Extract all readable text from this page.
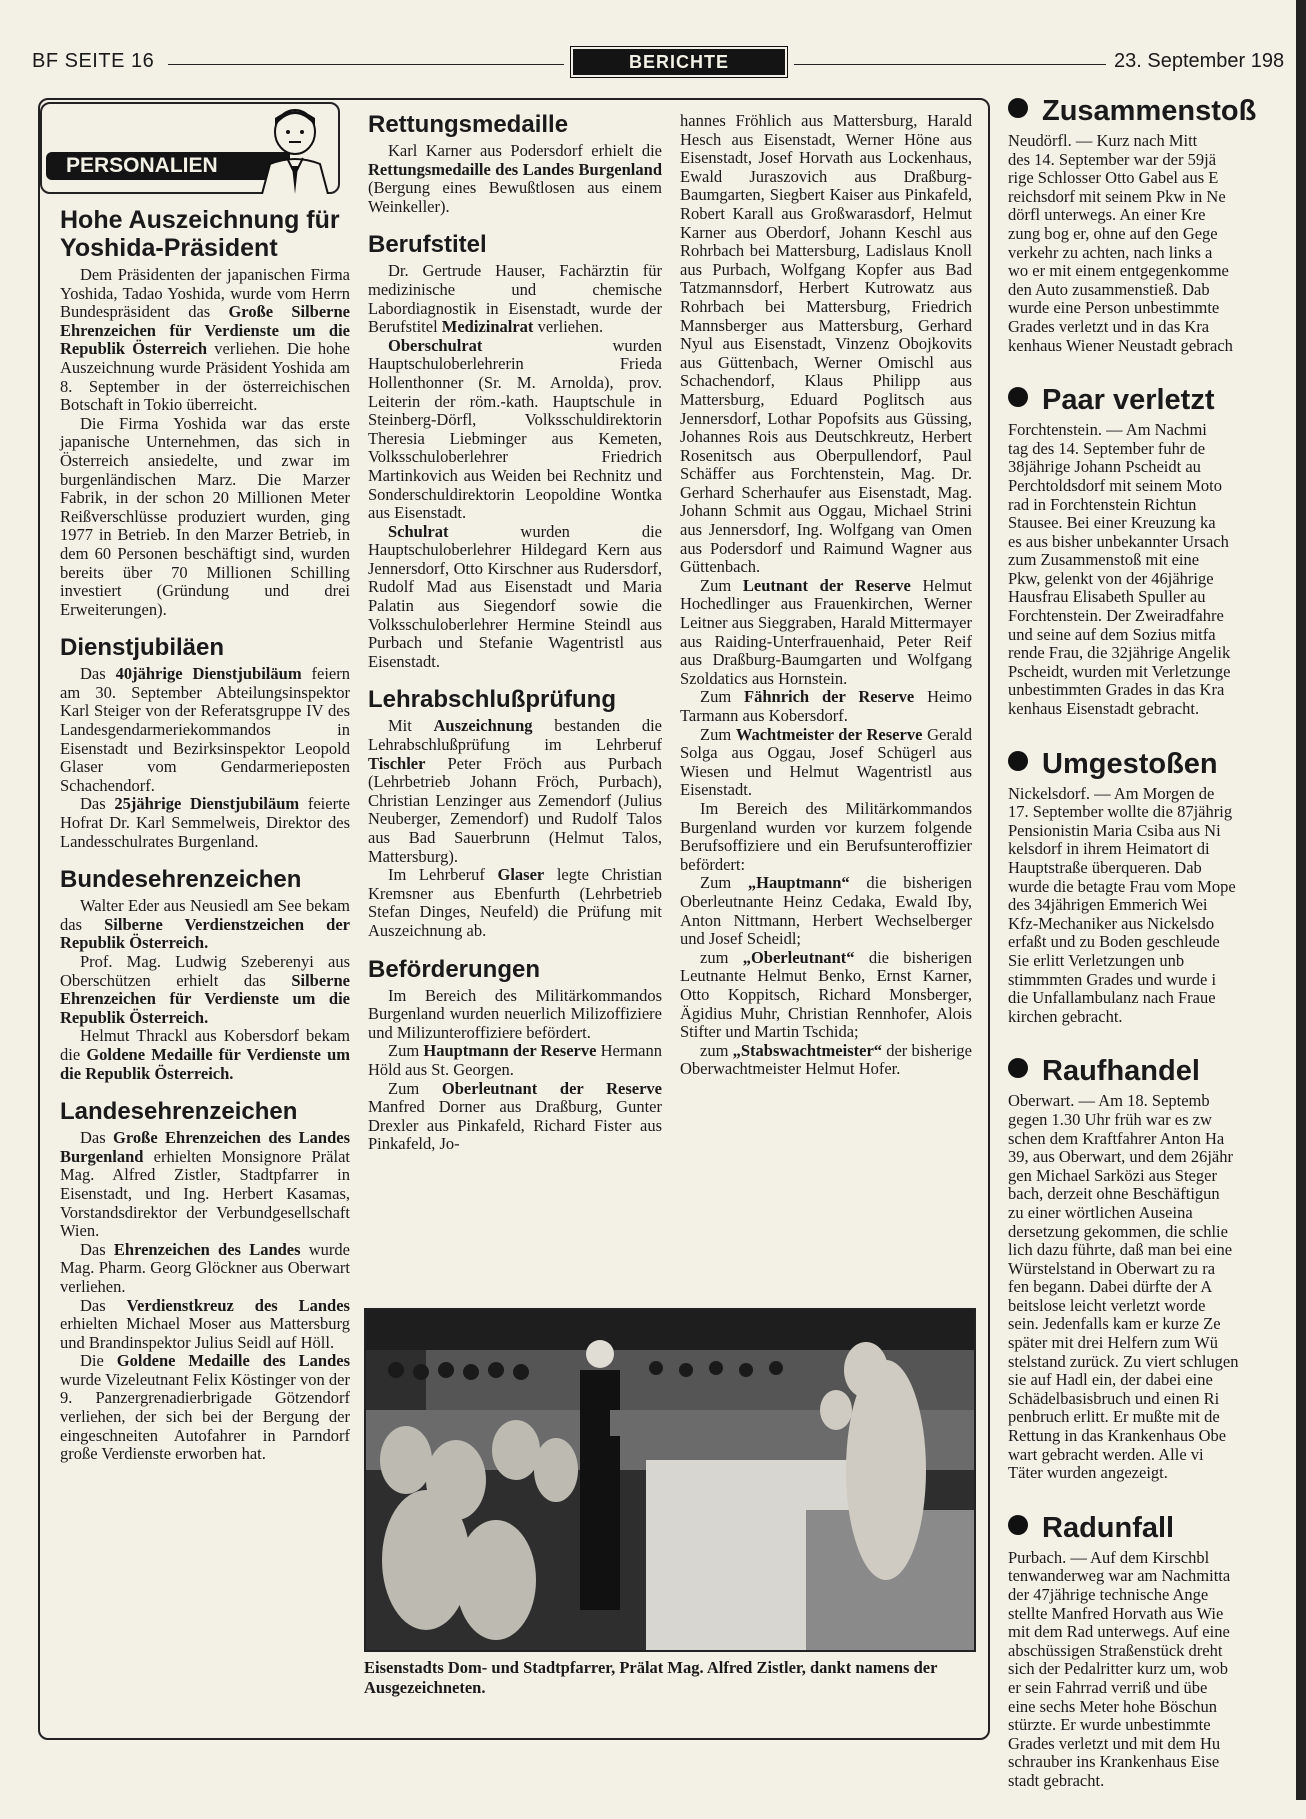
BF SEITE 16	BERICHTE	23. September 198
PERSONALIEN
Hohe Auszeichnung für Yoshida-Präsident

Dem Präsidenten der japanischen Firma Yoshida, Tadao Yoshida, wurde vom Herrn Bundespräsident das Große Silberne Ehrenzeichen für Verdienste um die Republik Österreich verliehen. Die hohe Auszeichnung wurde Präsident Yoshida am 8. September in der österreichischen Botschaft in Tokio überreicht.

Die Firma Yoshida war das erste japanische Unternehmen, das sich in Österreich ansiedelte, und zwar im burgenländischen Marz. Die Marzer Fabrik, in der schon 20 Millionen Meter Reißverschlüsse produziert wurden, ging 1977 in Betrieb. In den Marzer Betrieb, in dem 60 Personen beschäftigt sind, wurden bereits über 70 Millionen Schilling investiert (Gründung und drei Erweiterungen).

Dienstjubiläen

Das 40jährige Dienstjubiläum feiern am 30. September Abteilungsinspektor Karl Steiger von der Referatsgruppe IV des Landesgendarmeriekommandos in Eisenstadt und Bezirksinspektor Leopold Glaser vom Gendarmerieposten Schachendorf.

Das 25jährige Dienstjubiläum feierte Hofrat Dr. Karl Semmelweis, Direktor des Landesschulrates Burgenland.

Bundesehrenzeichen

Walter Eder aus Neusiedl am See bekam das Silberne Verdienstzeichen der Republik Österreich.

Prof. Mag. Ludwig Szeberenyi aus Oberschützen erhielt das Silberne Ehrenzeichen für Verdienste um die Republik Österreich.

Helmut Thrackl aus Kobersdorf bekam die Goldene Medaille für Verdienste um die Republik Österreich.

Landesehrenzeichen

Das Große Ehrenzeichen des Landes Burgenland erhielten Monsignore Prälat Mag. Alfred Zistler, Stadtpfarrer in Eisenstadt, und Ing. Herbert Kasamas, Vorstandsdirektor der Verbundgesellschaft Wien.

Das Ehrenzeichen des Landes wurde Mag. Pharm. Georg Glöckner aus Oberwart verliehen.

Das Verdienstkreuz des Landes erhielten Michael Moser aus Mattersburg und Brandinspektor Julius Seidl auf Höll.

Die Goldene Medaille des Landes wurde Vizeleutnant Felix Köstinger von der 9. Panzergrenadierbrigade Götzendorf verliehen, der sich bei der Bergung der eingeschneiten Autofahrer in Parndorf große Verdienste erworben hat.

Rettungsmedaille

Karl Karner aus Podersdorf erhielt die Rettungsmedaille des Landes Burgenland (Bergung eines Bewußtlosen aus einem Weinkeller).

Berufstitel

Dr. Gertrude Hauser, Fachärztin für medizinische und chemische Labordiagnostik in Eisenstadt, wurde der Berufstitel Medizinalrat verliehen.

Oberschulrat wurden Hauptschuloberlehrerin Frieda Hollenthonner (Sr. M. Arnolda), prov. Leiterin der röm.-kath. Hauptschule in Steinberg-Dörfl, Volksschuldirektorin Theresia Liebminger aus Kemeten, Volksschuloberlehrer Friedrich Martinkovich aus Weiden bei Rechnitz und Sonderschuldirektorin Leopoldine Wontka aus Eisenstadt.

Schulrat wurden die Hauptschuloberlehrer Hildegard Kern aus Jennersdorf, Otto Kirschner aus Rudersdorf, Rudolf Mad aus Eisenstadt und Maria Palatin aus Siegendorf sowie die Volksschuloberlehrer Hermine Steindl aus Purbach und Stefanie Wagentristl aus Eisenstadt.

Lehrabschlußprüfung

Mit Auszeichnung bestanden die Lehrabschlußprüfung im Lehrberuf Tischler Peter Fröch aus Purbach (Lehrbetrieb Johann Fröch, Purbach), Christian Lenzinger aus Zemendorf (Julius Neuberger, Zemendorf) und Rudolf Talos aus Bad Sauerbrunn (Helmut Talos, Mattersburg).

Im Lehrberuf Glaser legte Christian Kremsner aus Ebenfurth (Lehrbetrieb Stefan Dinges, Neufeld) die Prüfung mit Auszeichnung ab.

Beförderungen

Im Bereich des Militärkommandos Burgenland wurden neuerlich Milizoffiziere und Milizunteroffiziere befördert.

Zum Hauptmann der Reserve Hermann Höld aus St. Georgen.

Zum Oberleutnant der Reserve Manfred Dorner aus Draßburg, Gunter Drexler aus Pinkafeld, Richard Fister aus Pinkafeld, Jo-

hannes Fröhlich aus Mattersburg, Harald Hesch aus Eisenstadt, Werner Höne aus Eisenstadt, Josef Horvath aus Lockenhaus, Ewald Juraszovich aus Draßburg-Baumgarten, Siegbert Kaiser aus Pinkafeld, Robert Karall aus Großwarasdorf, Helmut Karner aus Oberdorf, Johann Keschl aus Rohrbach bei Mattersburg, Ladislaus Knoll aus Purbach, Wolfgang Kopfer aus Bad Tatzmannsdorf, Herbert Kutrowatz aus Rohrbach bei Mattersburg, Friedrich Mannsberger aus Mattersburg, Gerhard Nyul aus Eisenstadt, Vinzenz Obojkovits aus Güttenbach, Werner Omischl aus Schachendorf, Klaus Philipp aus Mattersburg, Eduard Poglitsch aus Jennersdorf, Lothar Popofsits aus Güssing, Johannes Rois aus Deutschkreutz, Herbert Rosenitsch aus Oberpullendorf, Paul Schäffer aus Forchtenstein, Mag. Dr. Gerhard Scherhaufer aus Eisenstadt, Mag. Johann Schmit aus Oggau, Michael Strini aus Jennersdorf, Ing. Wolfgang van Omen aus Podersdorf und Raimund Wagner aus Güttenbach.

Zum Leutnant der Reserve Helmut Hochedlinger aus Frauenkirchen, Werner Leitner aus Sieggraben, Harald Mittermayer aus Raiding-Unterfrauenhaid, Peter Reif aus Draßburg-Baumgarten und Wolfgang Szoldatics aus Hornstein.

Zum Fähnrich der Reserve Heimo Tarmann aus Kobersdorf.

Zum Wachtmeister der Reserve Gerald Solga aus Oggau, Josef Schügerl aus Wiesen und Helmut Wagentristl aus Eisenstadt.

Im Bereich des Militärkommandos Burgenland wurden vor kurzem folgende Berufsoffiziere und ein Berufsunteroffizier befördert:

Zum „Hauptmann“ die bisherigen Oberleutnante Heinz Cedaka, Ewald Iby, Anton Nittmann, Herbert Wechselberger und Josef Scheidl;

zum „Oberleutnant“ die bisherigen Leutnante Helmut Benko, Ernst Karner, Otto Koppitsch, Richard Monsberger, Ägidius Muhr, Christian Rennhofer, Alois Stifter und Martin Tschida;

zum „Stabswachtmeister“ der bisherige Oberwachtmeister Helmut Hofer.

Eisenstadts Dom- und Stadtpfarrer, Prälat Mag. Alfred Zistler, dankt namens der Ausgezeichneten.
Zusammenstoß
Neudörfl. — Kurz nach Mitt
des 14. September war der 59jä
rige Schlosser Otto Gabel aus E
reichsdorf mit seinem Pkw in Ne
dörfl unterwegs. An einer Kre
zung bog er, ohne auf den Gege
verkehr zu achten, nach links a
wo er mit einem entgegenkomme
den Auto zusammenstieß. Dab
wurde eine Person unbestimmte
Grades verletzt und in das Kra
kenhaus Wiener Neustadt gebrach
Paar verletzt
Forchtenstein. — Am Nachmi
tag des 14. September fuhr de
38jährige Johann Pscheidt au
Perchtoldsdorf mit seinem Moto
rad in Forchtenstein Richtun
Stausee. Bei einer Kreuzung ka
es aus bisher unbekannter Ursach
zum Zusammenstoß mit eine
Pkw, gelenkt von der 46jährige
Hausfrau Elisabeth Spuller au
Forchtenstein. Der Zweiradfahre
und seine auf dem Sozius mitfa
rende Frau, die 32jährige Angelik
Pscheidt, wurden mit Verletzunge
unbestimmten Grades in das Kra
kenhaus Eisenstadt gebracht.
Umgestoßen
Nickelsdorf. — Am Morgen de
17. September wollte die 87jährig
Pensionistin Maria Csiba aus Ni
kelsdorf in ihrem Heimatort di
Hauptstraße überqueren. Dab
wurde die betagte Frau vom Mope
des 34jährigen Emmerich Wei
Kfz-Mechaniker aus Nickelsdo
erfaßt und zu Boden geschleude
Sie erlitt Verletzungen unb
stimmmten Grades und wurde i
die Unfallambulanz nach Fraue
kirchen gebracht.
Raufhandel
Oberwart. — Am 18. Septemb
gegen 1.30 Uhr früh war es zw
schen dem Kraftfahrer Anton Ha
39, aus Oberwart, und dem 26jähr
gen Michael Sarközi aus Steger
bach, derzeit ohne Beschäftigun
zu einer wörtlichen Auseina
dersetzung gekommen, die schlie
lich dazu führte, daß man bei eine
Würstelstand in Oberwart zu ra
fen begann. Dabei dürfte der A
beitslose leicht verletzt worde
sein. Jedenfalls kam er kurze Ze
später mit drei Helfern zum Wü
stelstand zurück. Zu viert schlugen
sie auf Hadl ein, der dabei eine
Schädelbasisbruch und einen Ri
penbruch erlitt. Er mußte mit de
Rettung in das Krankenhaus Obe
wart gebracht werden. Alle vi
Täter wurden angezeigt.
Radunfall
Purbach. — Auf dem Kirschbl
tenwanderweg war am Nachmitta
der 47jährige technische Ange
stellte Manfred Horvath aus Wie
mit dem Rad unterwegs. Auf eine
abschüssigen Straßenstück dreht
sich der Pedalritter kurz um, wob
er sein Fahrrad verriß und übe
eine sechs Meter hohe Böschun
stürzte. Er wurde unbestimmte
Grades verletzt und mit dem Hu
schrauber ins Krankenhaus Eise
stadt gebracht.
